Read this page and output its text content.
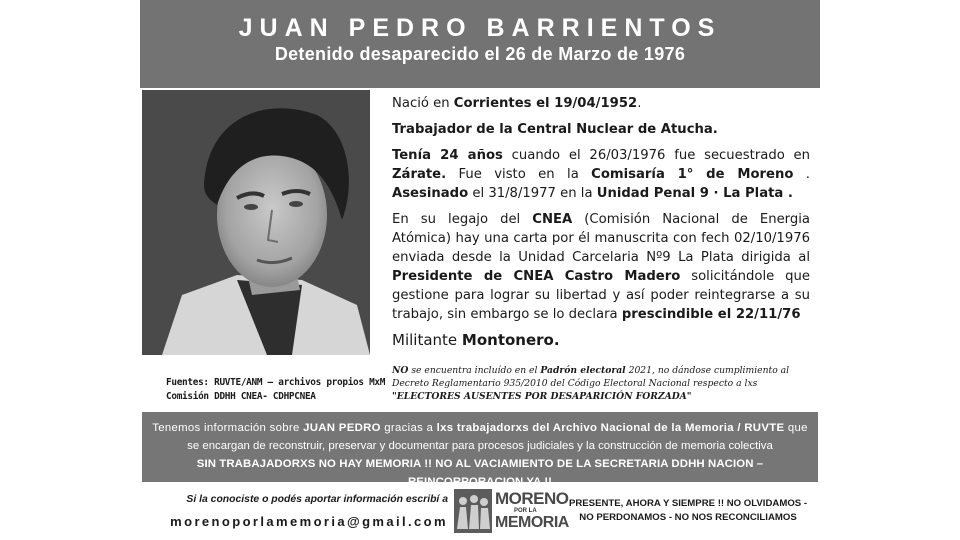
JUAN PEDRO BARRIENTOS
Detenido desaparecido el 26 de Marzo de 1976

Nació en Corrientes el 19/04/1952.

Trabajador de la Central Nuclear de Atucha.

Tenía 24 años cuando el 26/03/1976 fue secuestrado en Zárate. Fue visto en la Comisaría 1° de Moreno . Asesinado el 31/8/1977 en la Unidad Penal 9 · La Plata .

En su legajo del CNEA (Comisión Nacional de Energia Atómica) hay una carta por él manuscrita con fech 02/10/1976 enviada desde la Unidad Carcelaria Nº9 La Plata dirigida al Presidente de CNEA Castro Madero solicitándole que gestione para lograr su libertad y así poder reintegrarse a su trabajo, sin embargo se lo declara prescindible el 22/11/76

Militante Montonero.

NO se encuentra incluído en el Padrón electoral 2021, no dándose cumplimiento al Decreto Reglamentario 935/2010 del Código Electoral Nacional respecto a lxs "ELECTORES AUSENTES POR DESAPARICIÓN FORZADA"
Fuentes: RUVTE/ANM – archivos propios MxM
Comisión DDHH CNEA- CDHPCNEA
Tenemos información sobre JUAN PEDRO gracias a lxs trabajadorxs del Archivo Nacional de la Memoria / RUVTE que
se encargan de reconstruir, preservar y documentar para procesos judiciales y la construcción de memoria colectiva
SIN TRABAJADORXS NO HAY MEMORIA !! NO AL VACIAMIENTO DE LA SECRETARIA DDHH NACION – REINCORPORACION YA !!
Si la conociste o podés aportar información escribí a
morenoporlamemoria@gmail.com
MORENO
POR LA
MEMORIA
PRESENTE, AHORA Y SIEMPRE !! NO OLVIDAMOS -
NO PERDONAMOS - NO NOS RECONCILIAMOS
